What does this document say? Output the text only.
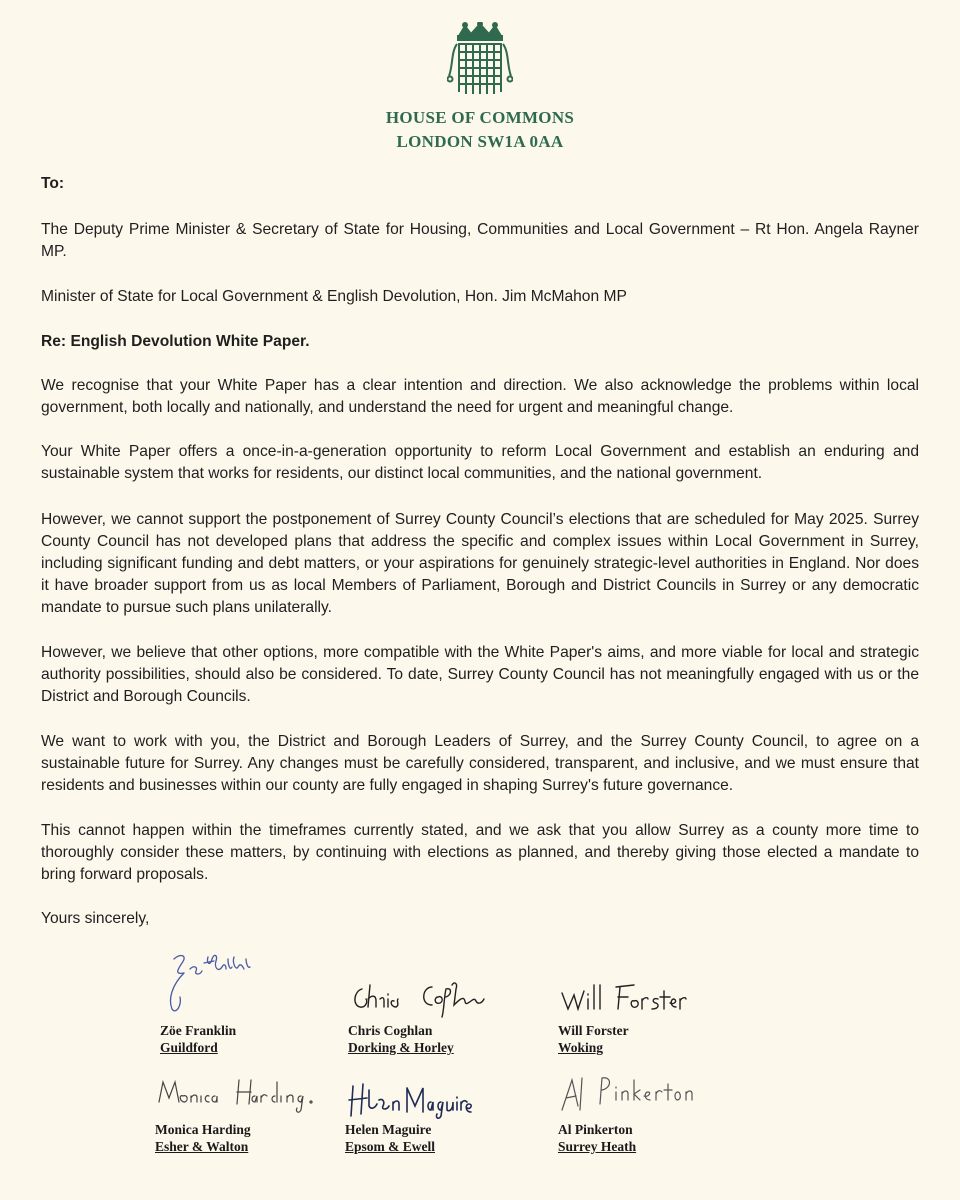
HOUSE OF COMMONS
LONDON SW1A 0AA
To:

The Deputy Prime Minister & Secretary of State for Housing, Communities and Local Government – Rt Hon. Angela Rayner MP.

Minister of State for Local Government & English Devolution, Hon. Jim McMahon MP

Re: English Devolution White Paper.

We recognise that your White Paper has a clear intention and direction. We also acknowledge the problems within local government, both locally and nationally, and understand the need for urgent and meaningful change.

Your White Paper offers a once-in-a-generation opportunity to reform Local Government and establish an enduring and sustainable system that works for residents, our distinct local communities, and the national government.

However, we cannot support the postponement of Surrey County Council’s elections that are scheduled for May 2025. Surrey County Council has not developed plans that address the specific and complex issues within Local Government in Surrey, including significant funding and debt matters, or your aspirations for genuinely strategic-level authorities in England. Nor does it have broader support from us as local Members of Parliament, Borough and District Councils in Surrey or any democratic mandate to pursue such plans unilaterally.

However, we believe that other options, more compatible with the White Paper's aims, and more viable for local and strategic authority possibilities, should also be considered. To date, Surrey County Council has not meaningfully engaged with us or the District and Borough Councils.

We want to work with you, the District and Borough Leaders of Surrey, and the Surrey County Council, to agree on a sustainable future for Surrey. Any changes must be carefully considered, transparent, and inclusive, and we must ensure that residents and businesses within our county are fully engaged in shaping Surrey's future governance.

This cannot happen within the timeframes currently stated, and we ask that you allow Surrey as a county more time to thoroughly consider these matters, by continuing with elections as planned, and thereby giving those elected a mandate to bring forward proposals.

Yours sincerely,
Zöe Franklin
Guildford
Chris Coghlan
Dorking & Horley
Will Forster
Woking
Monica Harding
Esher & Walton
Helen Maguire
Epsom & Ewell
Al Pinkerton
Surrey Heath
